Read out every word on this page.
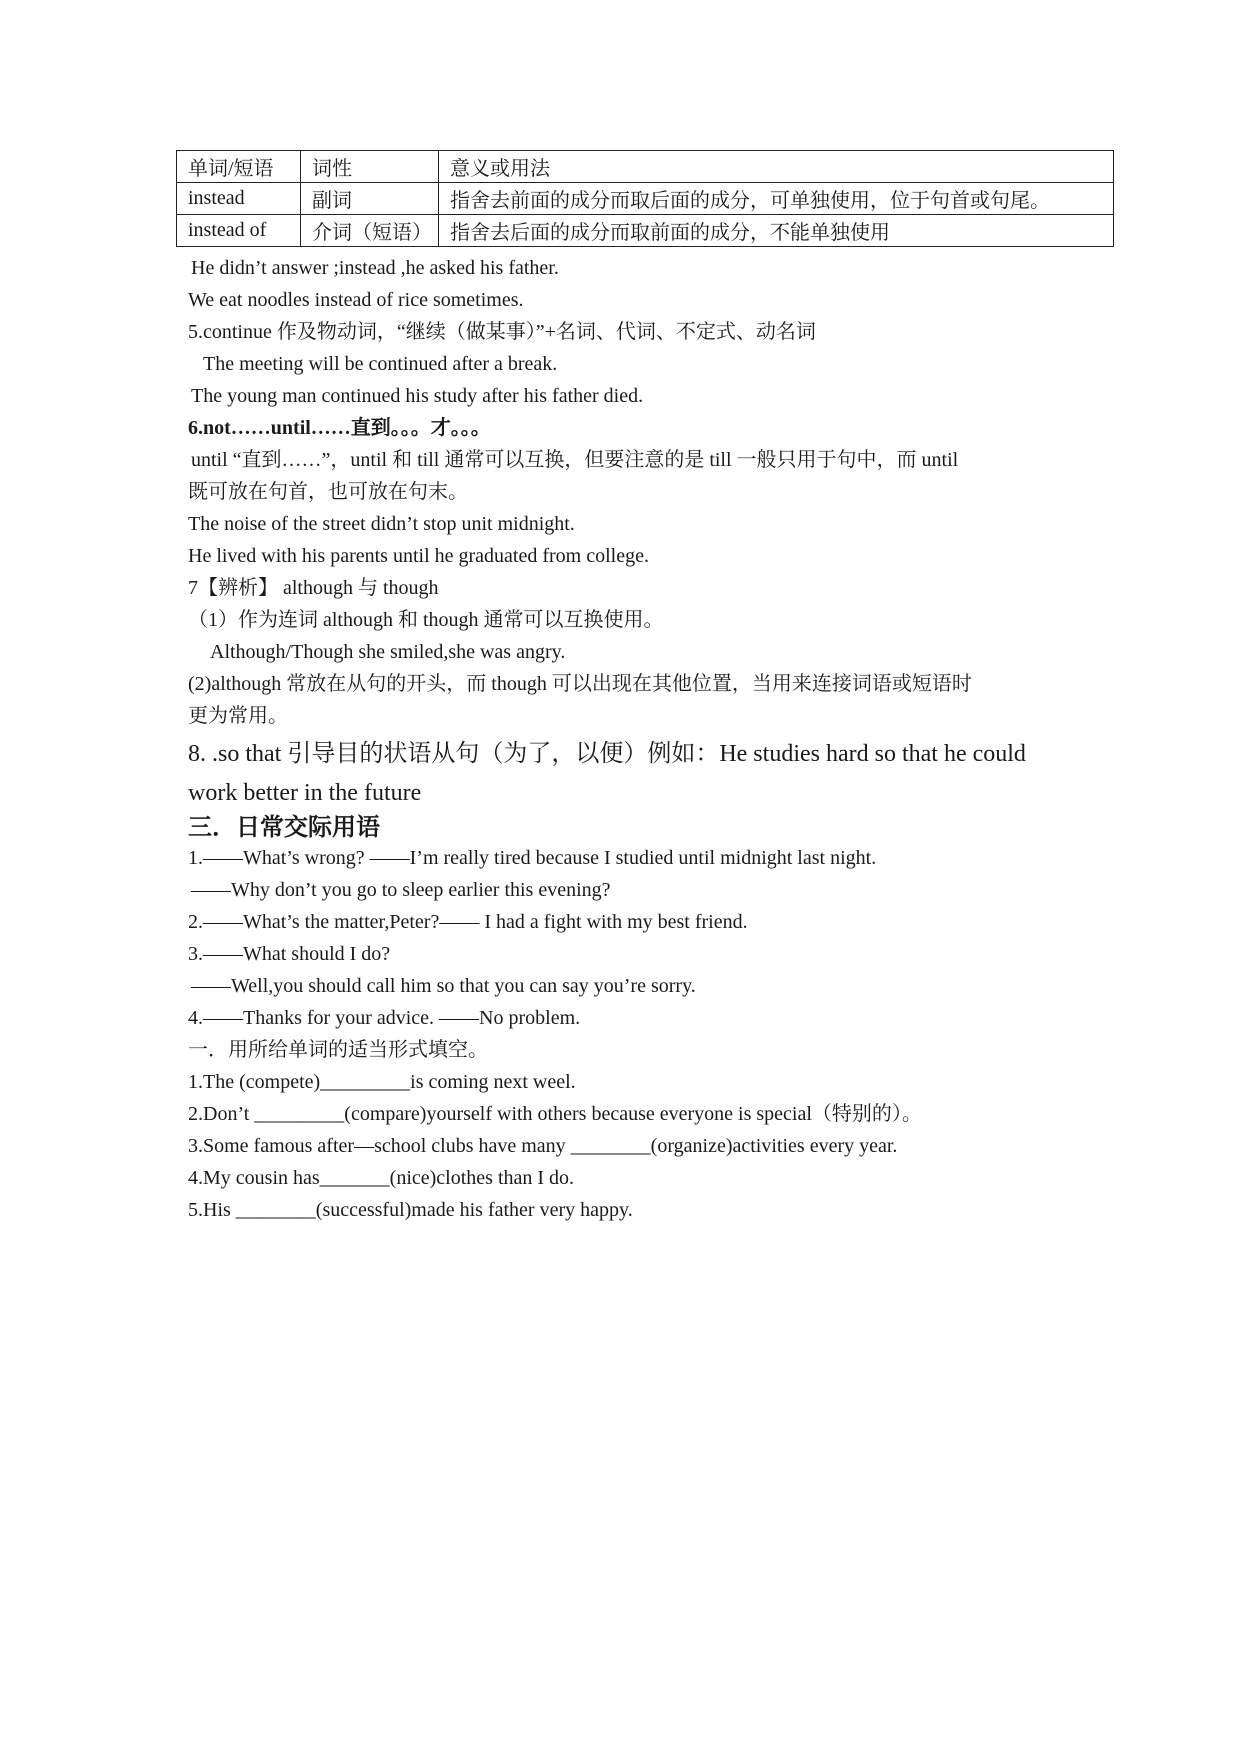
单词/短语	词性	意义或用法
instead	副词	指舍去前面的成分而取后面的成分，可单独使用，位于句首或句尾。
instead of	介词（短语）	指舍去后面的成分而取前面的成分，不能单独使用
He didn’t answer ;instead ,he asked his father.
We eat noodles instead of rice sometimes.
5.continue 作及物动词，“继续（做某事）”+名词、代词、不定式、动名词
The meeting will be continued after a break.
The young man continued his study after his father died.
6.not……until……直到。。。才。。。
until “直到……”，until 和 till 通常可以互换，但要注意的是 till 一般只用于句中，而 until
既可放在句首，也可放在句末。
The noise of the street didn’t stop unit midnight.
He lived with his parents until he graduated from college.
7【辨析】 although 与 though
（1）作为连词 although 和 though 通常可以互换使用。
Although/Though she smiled,she was angry.
(2)although 常放在从句的开头，而 though 可以出现在其他位置，当用来连接词语或短语时
更为常用。
8. .so that 引导目的状语从句（为了，以便）例如：He studies hard so that he could
work better in the future
三．日常交际用语
1.——What’s wrong? ——I’m really tired because I studied until midnight last night.
——Why don’t you go to sleep earlier this evening?
2.——What’s the matter,Peter?—— I had a fight with my best friend.
3.——What should I do?
——Well,you should call him so that you can say you’re sorry.
4.——Thanks for your advice. ——No problem.
一．用所给单词的适当形式填空。
1.The (compete)_________is coming next weel.
2.Don’t _________(compare)yourself with others because everyone is special（特别的）。
3.Some famous after—school clubs have many ________(organize)activities every year.
4.My cousin has_______(nice)clothes than I do.
5.His ________(successful)made his father very happy.
